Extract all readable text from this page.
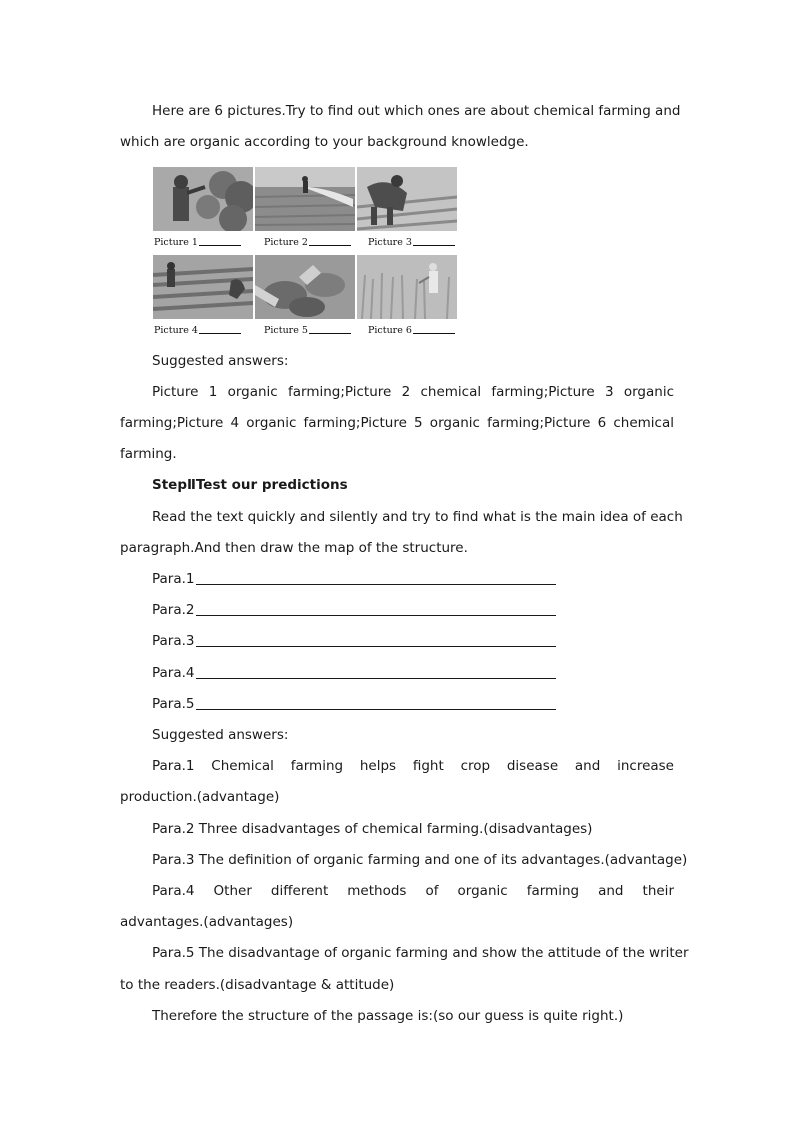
Here are 6 pictures.Try to find out which ones are about chemical farming and
which are organic according to your background knowledge.
Picture 1	Picture 2	Picture 3
Picture 4	Picture 5	Picture 6
Suggested answers:
Picture 1 organic farming;Picture 2 chemical farming;Picture 3 organic
farming;Picture 4 organic farming;Picture 5 organic farming;Picture 6 chemical
farming.
StepⅡTest our predictions
Read the text quickly and silently and try to find what is the main idea of each
paragraph.And then draw the map of the structure.
Para.1
Para.2
Para.3
Para.4
Para.5
Suggested answers:
Para.1 Chemical farming helps fight crop disease and increase
production.(advantage)
Para.2 Three disadvantages of chemical farming.(disadvantages)
Para.3 The definition of organic farming and one of its advantages.(advantage)
Para.4 Other different methods of organic farming and their
advantages.(advantages)
Para.5 The disadvantage of organic farming and show the attitude of the writer
to the readers.(disadvantage & attitude)
Therefore the structure of the passage is:(so our guess is quite right.)
